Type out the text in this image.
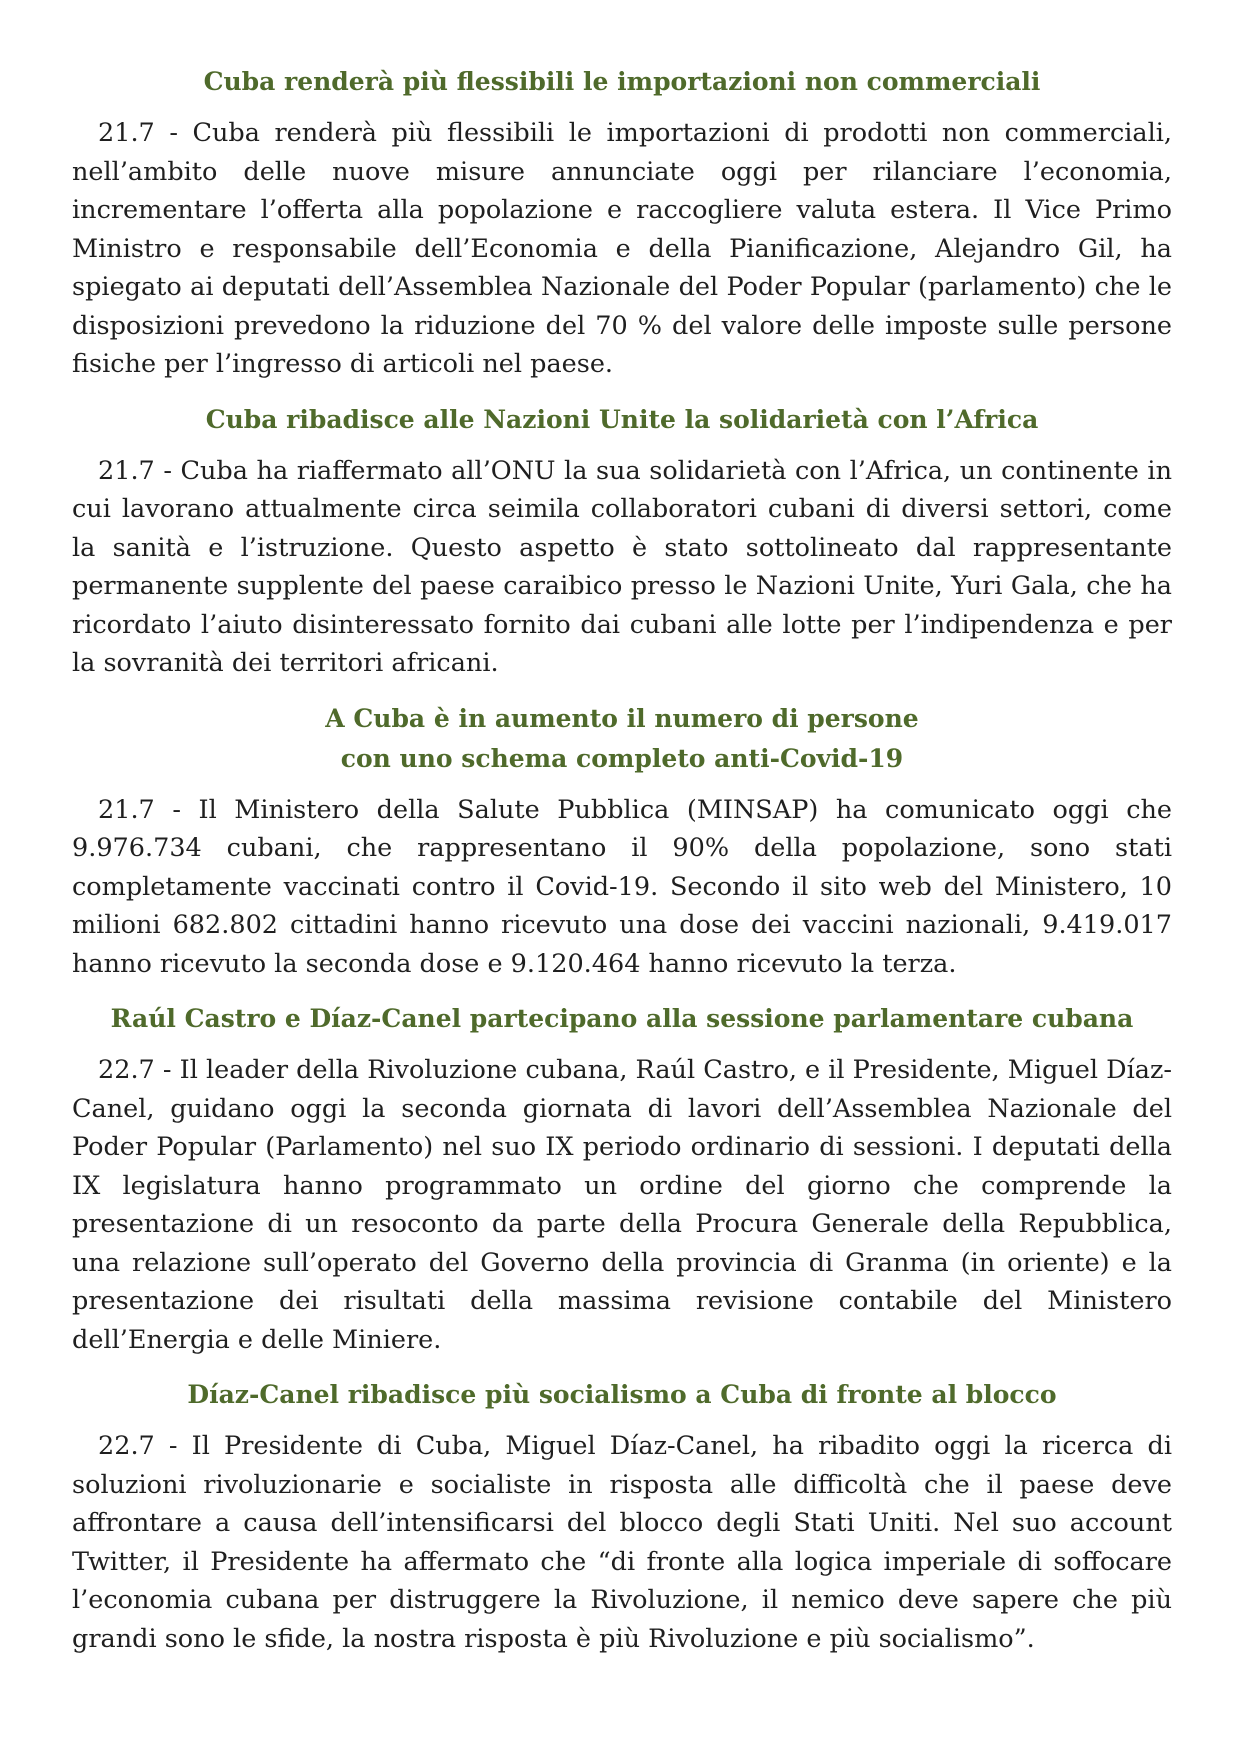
Cuba renderà più flessibili le importazioni non commerciali

21.7 - Cuba renderà più flessibili le importazioni di prodotti non commerciali, nell’ambito delle nuove misure annunciate oggi per rilanciare l’economia, incrementare l’offerta alla popolazione e raccogliere valuta estera. Il Vice Primo Ministro e responsabile dell’Economia e della Pianificazione, Alejandro Gil, ha spiegato ai deputati dell’Assemblea Nazionale del Poder Popular (parlamento) che le disposizioni prevedono la riduzione del 70 % del valore delle imposte sulle persone fisiche per l’ingresso di articoli nel paese.

Cuba ribadisce alle Nazioni Unite la solidarietà con l’Africa

21.7 - Cuba ha riaffermato all’ONU la sua solidarietà con l’Africa, un continente in cui lavorano attualmente circa seimila collaboratori cubani di diversi settori, come la sanità e l’istruzione. Questo aspetto è stato sottolineato dal rappresentante permanente supplente del paese caraibico presso le Nazioni Unite, Yuri Gala, che ha ricordato l’aiuto disinteressato fornito dai cubani alle lotte per l’indipendenza e per la sovranità dei territori africani.

A Cuba è in aumento il numero di persone
con uno schema completo anti-Covid-19

21.7 - Il Ministero della Salute Pubblica (MINSAP) ha comunicato oggi che 9.976.734 cubani, che rappresentano il 90% della popolazione, sono stati completamente vaccinati contro il Covid-19. Secondo il sito web del Ministero, 10 milioni 682.802 cittadini hanno ricevuto una dose dei vaccini nazionali, 9.419.017 hanno ricevuto la seconda dose e 9.120.464 hanno ricevuto la terza.

Raúl Castro e Díaz-Canel partecipano alla sessione parlamentare cubana

22.7 - Il leader della Rivoluzione cubana, Raúl Castro, e il Presidente, Miguel Díaz-Canel, guidano oggi la seconda giornata di lavori dell’Assemblea Nazionale del Poder Popular (Parlamento) nel suo IX periodo ordinario di sessioni. I deputati della IX legislatura hanno programmato un ordine del giorno che comprende la presentazione di un resoconto da parte della Procura Generale della Repubblica, una relazione sull’operato del Governo della provincia di Granma (in oriente) e la presentazione dei risultati della massima revisione contabile del Ministero dell’Energia e delle Miniere.

Díaz-Canel ribadisce più socialismo a Cuba di fronte al blocco

22.7 - Il Presidente di Cuba, Miguel Díaz-Canel, ha ribadito oggi la ricerca di soluzioni rivoluzionarie e socialiste in risposta alle difficoltà che il paese deve affrontare a causa dell’intensificarsi del blocco degli Stati Uniti. Nel suo account Twitter, il Presidente ha affermato che “di fronte alla logica imperiale di soffocare l’economia cubana per distruggere la Rivoluzione, il nemico deve sapere che più grandi sono le sfide, la nostra risposta è più Rivoluzione e più socialismo”.
